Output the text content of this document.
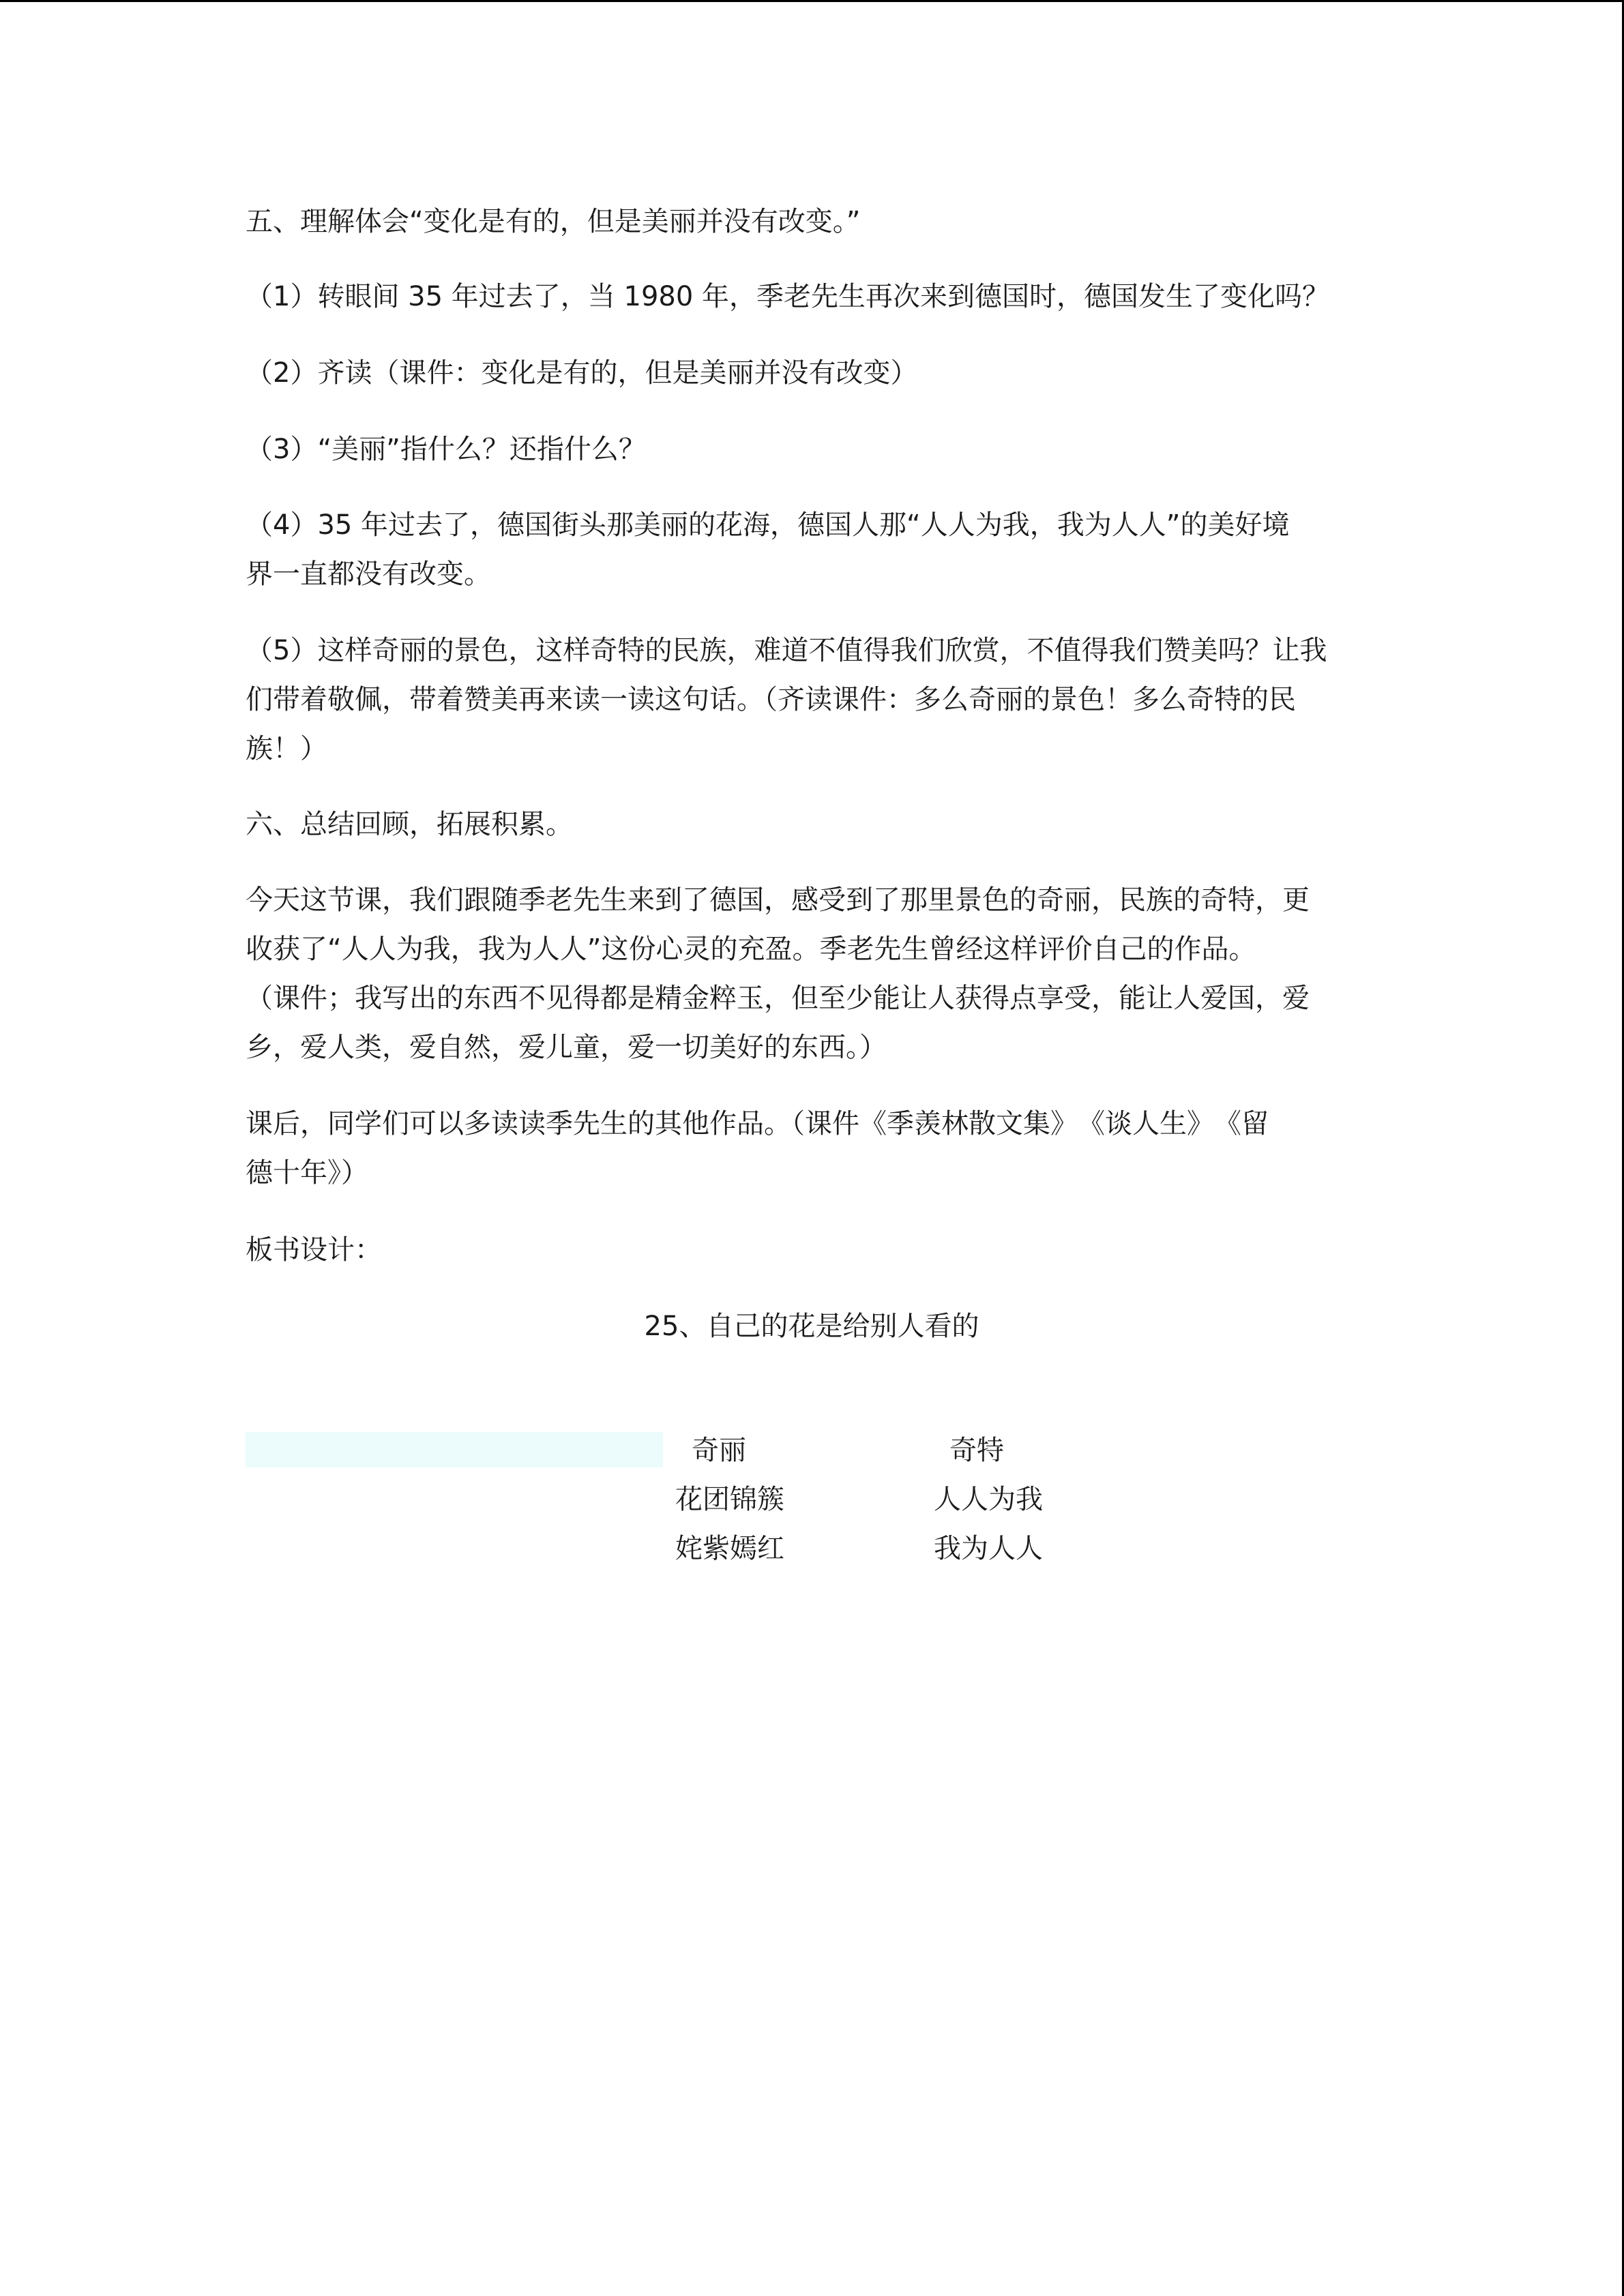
五、理解体会“变化是有的，但是美丽并没有改变。”
（1）转眼间 35 年过去了，当 1980 年，季老先生再次来到德国时，德国发生了变化吗？
（2）齐读（课件：变化是有的，但是美丽并没有改变）
（3）“美丽”指什么？还指什么？
（4）35 年过去了，德国街头那美丽的花海，德国人那“人人为我，我为人人”的美好境
界一直都没有改变。
（5）这样奇丽的景色，这样奇特的民族，难道不值得我们欣赏，不值得我们赞美吗？让我
们带着敬佩，带着赞美再来读一读这句话。（齐读课件：多么奇丽的景色！多么奇特的民
族！）
六、总结回顾，拓展积累。
今天这节课，我们跟随季老先生来到了德国，感受到了那里景色的奇丽，民族的奇特，更
收获了“人人为我，我为人人”这份心灵的充盈。季老先生曾经这样评价自己的作品。
（课件；我写出的东西不见得都是精金粹玉，但至少能让人获得点享受，能让人爱国，爱
乡，爱人类，爱自然，爱儿童，爱一切美好的东西。）
课后，同学们可以多读读季先生的其他作品。（课件《季羡林散文集》　《谈人生》　《留
德十年》）
板书设计：
25、自己的花是给别人看的
奇丽	奇特
花团锦簇	人人为我
姹紫嫣红	我为人人
